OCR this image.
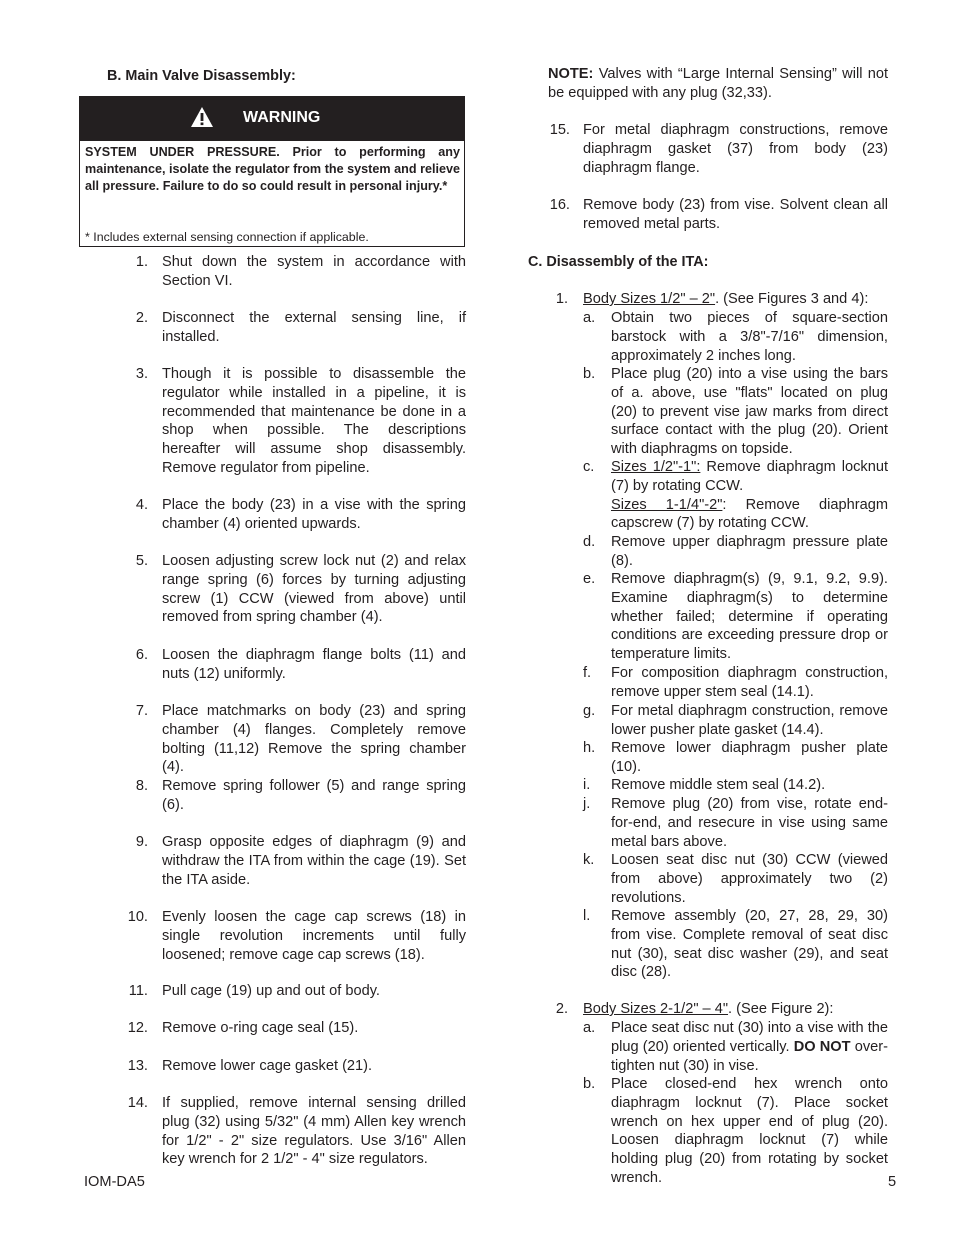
B. Main Valve Disassembly:
WARNING
SYSTEM UNDER PRESSURE. Prior to performing any maintenance, isolate the regulator from the system and relieve all pressure. Failure to do so could result in personal injury.*
* Includes external sensing connection if applicable.
1. Shut down the system in accordance with Section VI.
2. Disconnect the external sensing line, if installed.
3. Though it is possible to disassemble the regulator while installed in a pipeline, it is recommended that maintenance be done in a shop when possible. The descriptions hereafter will assume shop disassembly. Remove regulator from pipeline.
4. Place the body (23) in a vise with the spring chamber (4) oriented upwards.
5. Loosen adjusting screw lock nut (2) and relax range spring (6) forces by turning adjusting screw (1) CCW (viewed from above) until removed from spring chamber (4).
6. Loosen the diaphragm flange bolts (11) and nuts (12) uniformly.
7. Place matchmarks on body (23) and spring chamber (4) flanges. Completely remove bolting (11,12) Remove the spring chamber (4).
8. Remove spring follower (5) and range spring (6).
9. Grasp opposite edges of diaphragm (9) and withdraw the ITA from within the cage (19). Set the ITA aside.
10. Evenly loosen the cage cap screws (18) in single revolution increments until fully loosened; remove cage cap screws (18).
11. Pull cage (19) up and out of body.
12. Remove o-ring cage seal (15).
13. Remove lower cage gasket (21).
14. If supplied, remove internal sensing drilled plug (32) using 5/32" (4 mm) Allen key wrench for 1/2" - 2" size regulators. Use 3/16" Allen key wrench for 2 1/2" - 4" size regulators.
NOTE: Valves with “Large Internal Sensing” will not be equipped with any plug (32,33).
15. For metal diaphragm constructions, remove diaphragm gasket (37) from body (23) diaphragm flange.
16. Remove body (23) from vise. Solvent clean all removed metal parts.
C. Disassembly of the ITA:
1. Body Sizes 1/2" – 2". (See Figures 3 and 4):
a. Obtain two pieces of square-section barstock with a 3/8"-7/16" dimension, approximately 2 inches long.
b. Place plug (20) into a vise using the bars of a. above, use "flats" located on plug (20) to prevent vise jaw marks from direct surface contact with the plug (20). Orient with diaphragms on topside.
c. Sizes 1/2"-1": Remove diaphragm locknut (7) by rotating CCW.
Sizes 1-1/4"-2": Remove diaphragm capscrew (7) by rotating CCW.
d. Remove upper diaphragm pressure plate (8).
e. Remove diaphragm(s) (9, 9.1, 9.2, 9.9). Examine diaphragm(s) to determine whether failed; determine if operating conditions are exceeding pressure drop or temperature limits.
f. For composition diaphragm construction, remove upper stem seal (14.1).
g. For metal diaphragm construction, remove lower pusher plate gasket (14.4).
h. Remove lower diaphragm pusher plate (10).
i. Remove middle stem seal (14.2).
j. Remove plug (20) from vise, rotate end-for-end, and resecure in vise using same metal bars above.
k. Loosen seat disc nut (30) CCW (viewed from above) approximately two (2) revolutions.
l. Remove assembly (20, 27, 28, 29, 30) from vise. Complete removal of seat disc nut (30), seat disc washer (29), and seat disc (28).
2. Body Sizes 2-1/2" – 4". (See Figure 2):
a. Place seat disc nut (30) into a vise with the plug (20) oriented vertically. DO NOT over-tighten nut (30) in vise.
b. Place closed-end hex wrench onto diaphragm locknut (7). Place socket wrench on hex upper end of plug (20). Loosen diaphragm locknut (7) while holding plug (20) from rotating by socket wrench.
IOM-DA5	5
